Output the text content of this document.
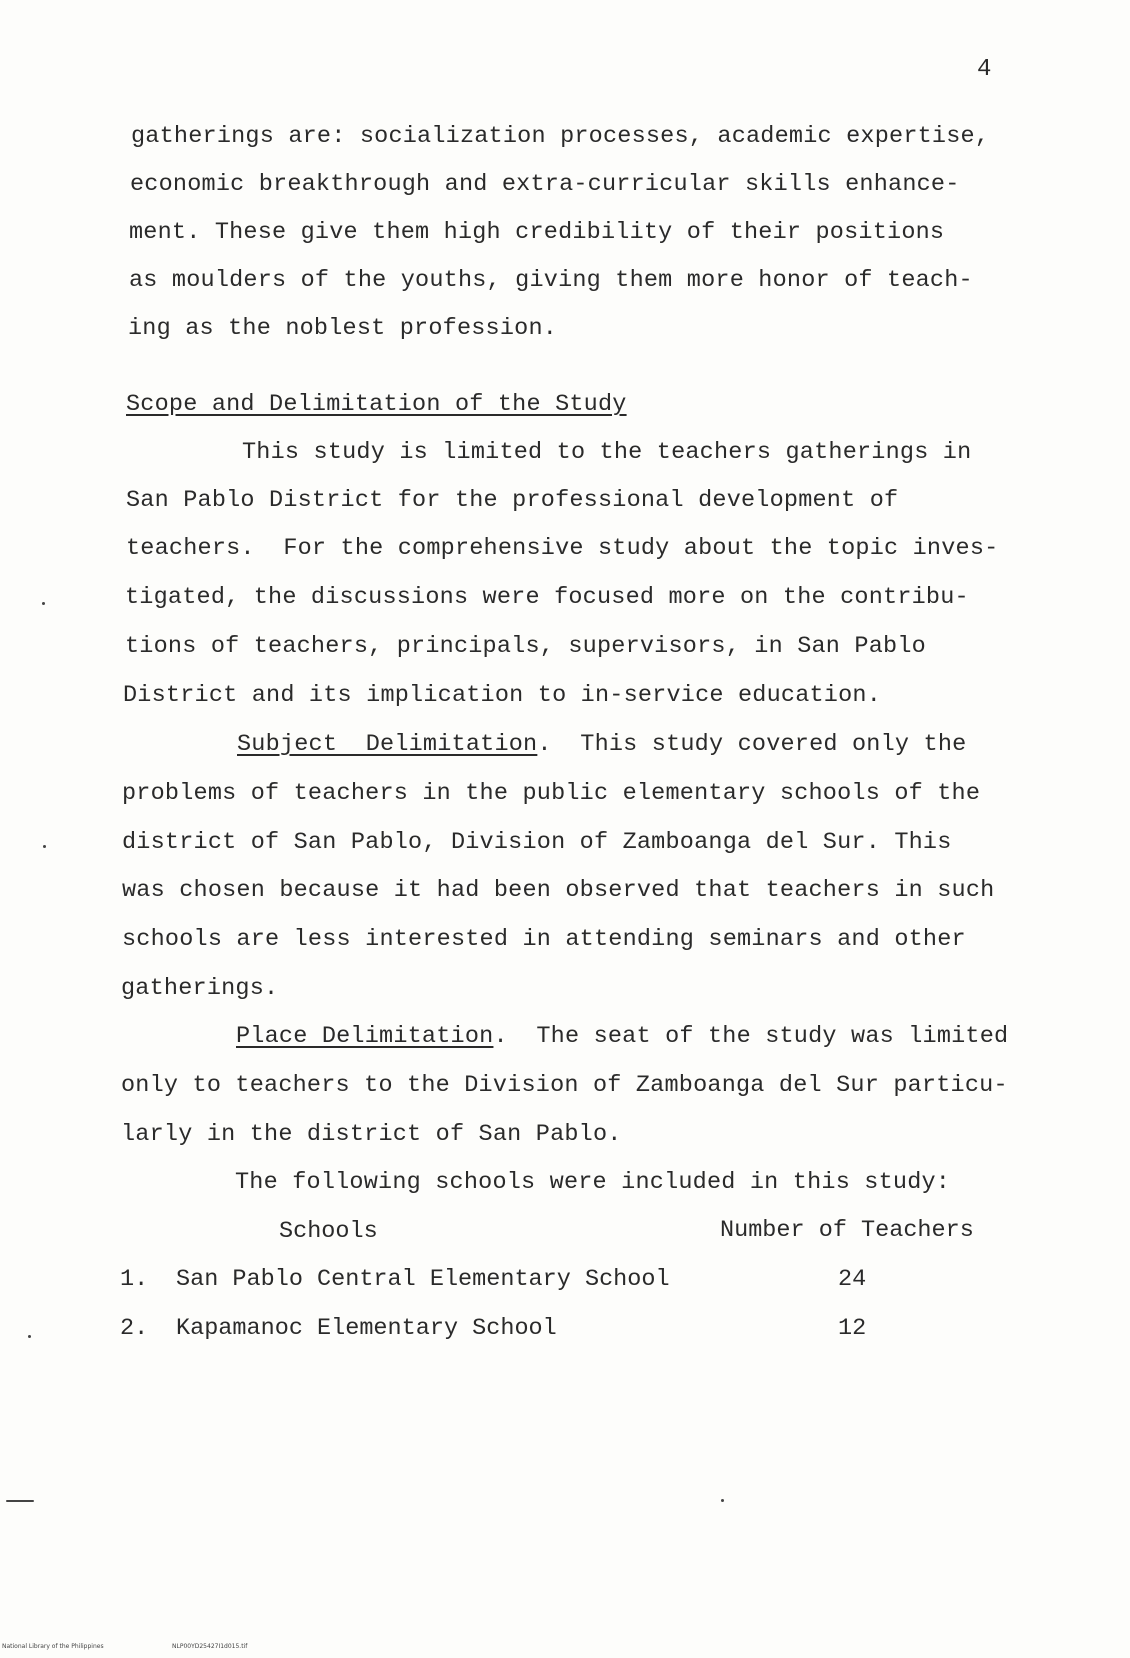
4
gatherings are: socialization processes, academic expertise,
economic breakthrough and extra-curricular skills enhance-
ment. These give them high credibility of their positions
as moulders of the youths, giving them more honor of teach-
ing as the noblest profession.
Scope and Delimitation of the Study
This study is limited to the teachers gatherings in
San Pablo District for the professional development of
teachers.  For the comprehensive study about the topic inves-
tigated, the discussions were focused more on the contribu-
tions of teachers, principals, supervisors, in San Pablo
District and its implication to in-service education.
Subject  Delimitation.  This study covered only the
problems of teachers in the public elementary schools of the
district of San Pablo, Division of Zamboanga del Sur. This
was chosen because it had been observed that teachers in such
schools are less interested in attending seminars and other
gatherings.
Place Delimitation.  The seat of the study was limited
only to teachers to the Division of Zamboanga del Sur particu-
larly in the district of San Pablo.
The following schools were included in this study:
Schools	Number of Teachers
1. San Pablo Central Elementary School	24
2. Kapamanoc Elementary School	12
National Library of the Philippines	NLP00YD25427I1d015.tif
